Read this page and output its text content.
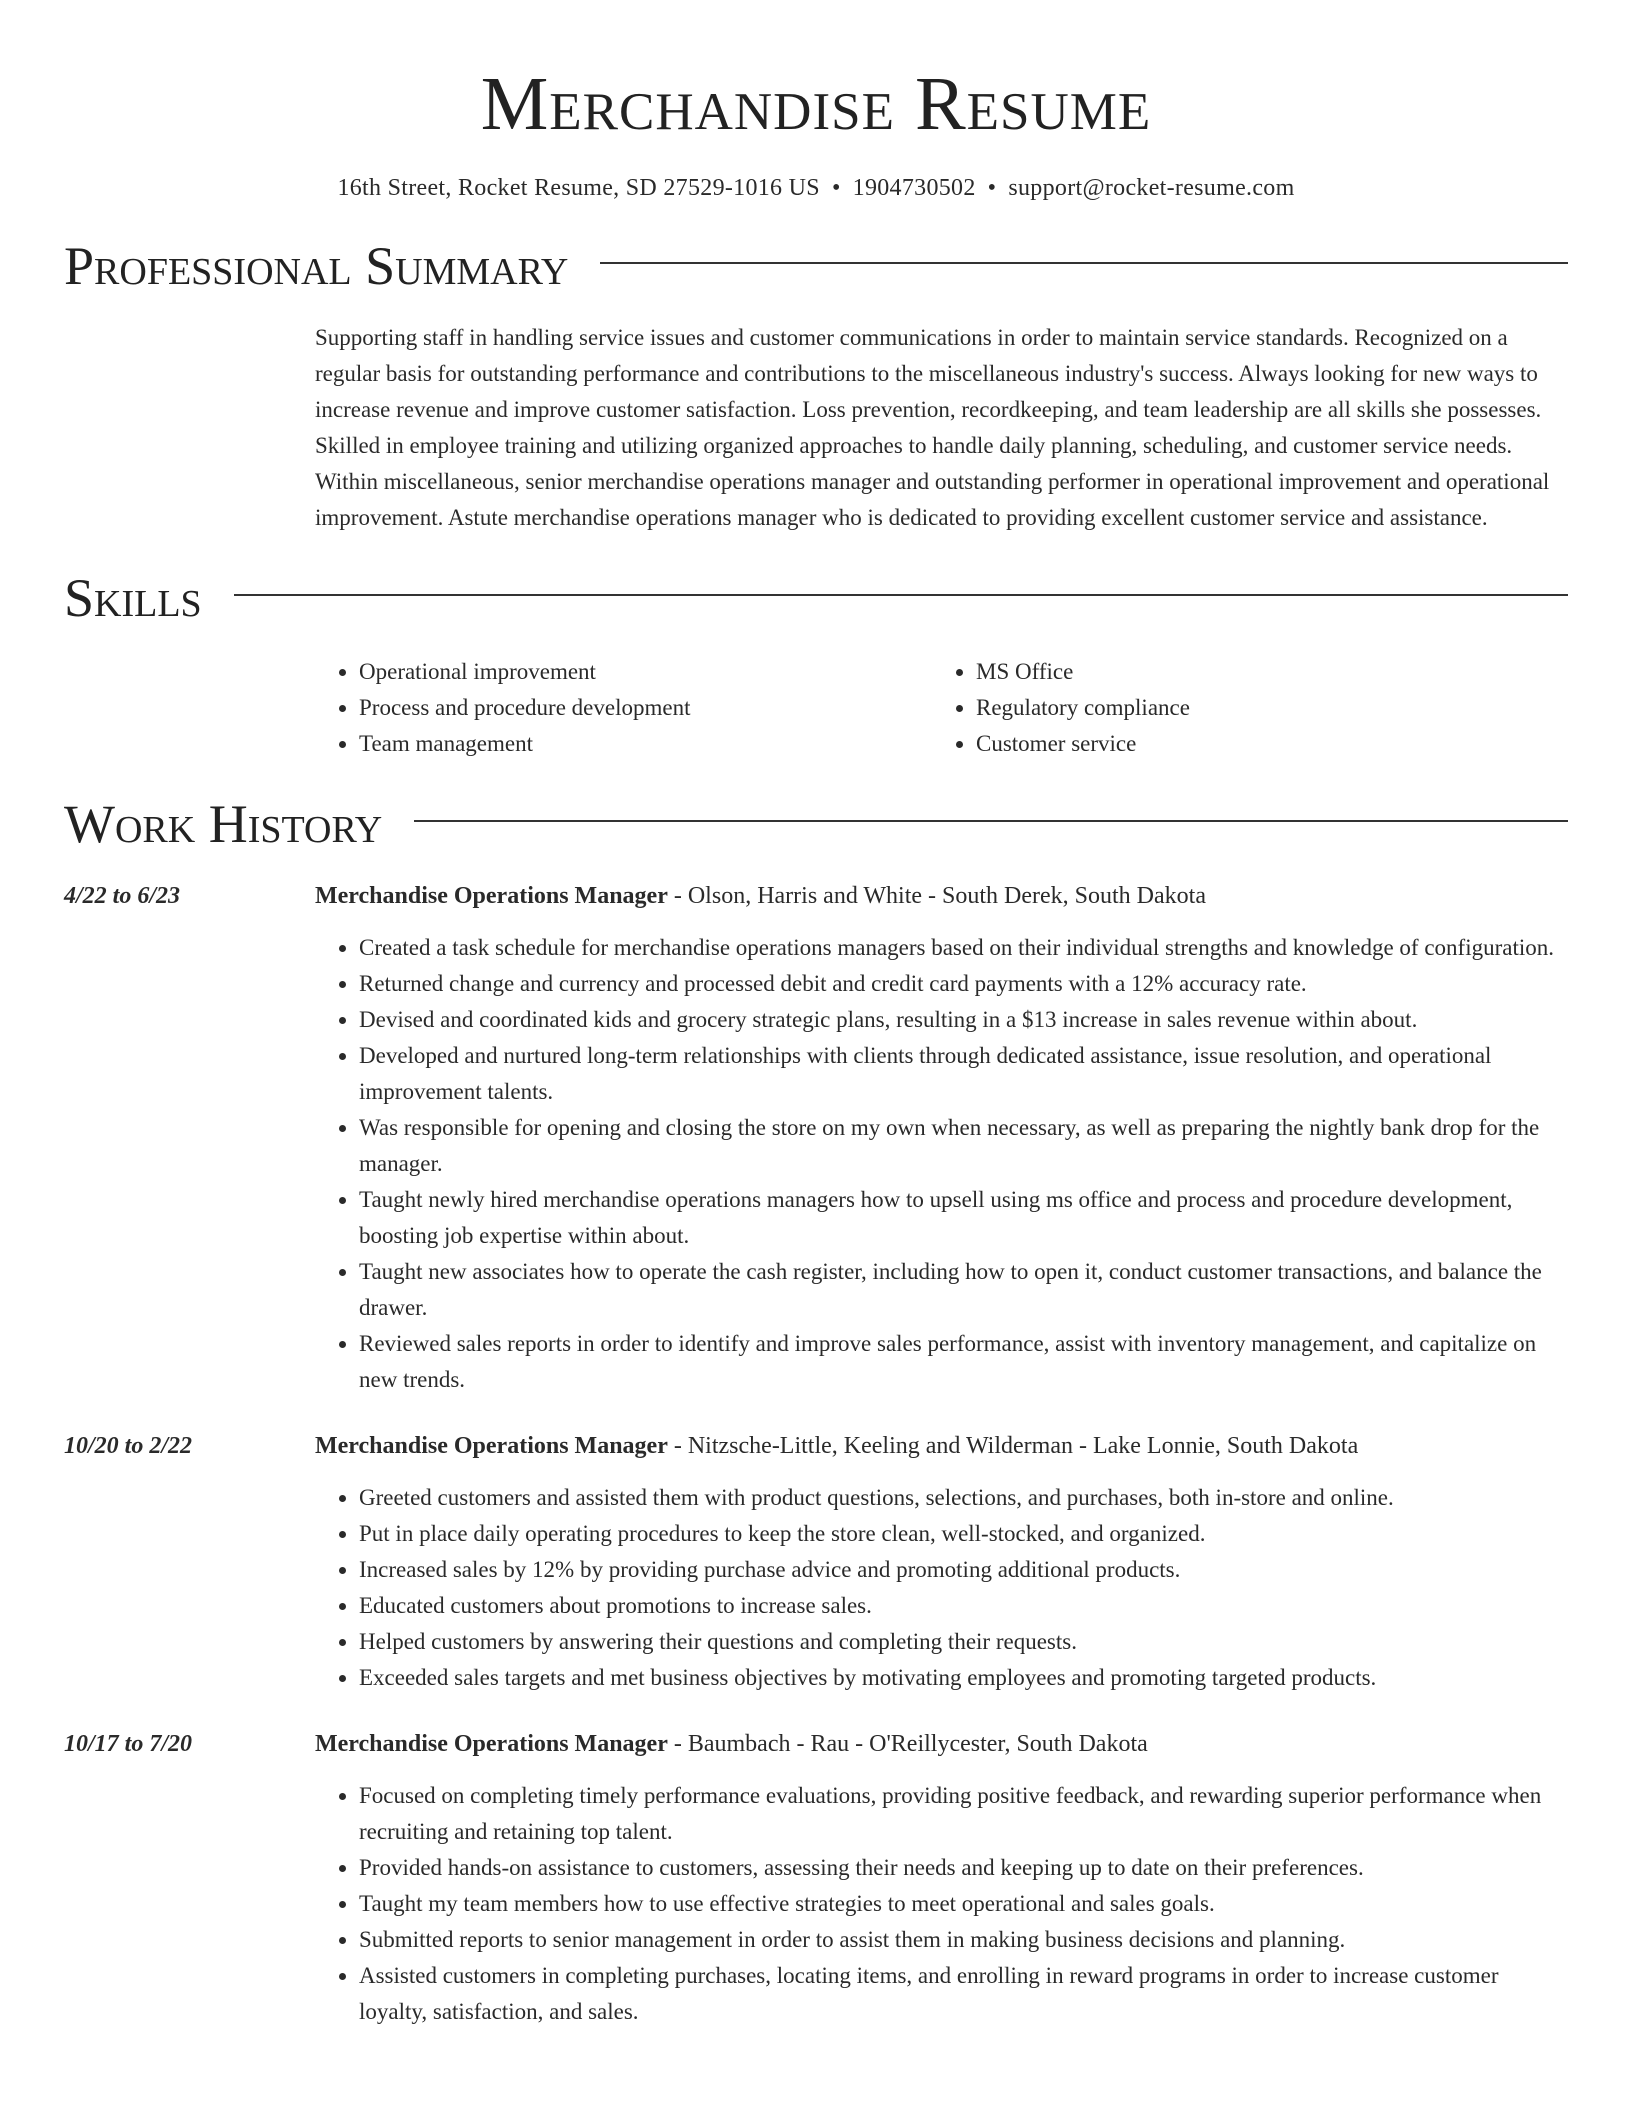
Merchandise Resume
16th Street, Rocket Resume, SD 27529-1016 US • 1904730502 • support@rocket-resume.com
Professional Summary
Supporting staff in handling service issues and customer communications in order to maintain service standards. Recognized on a regular basis for outstanding performance and contributions to the miscellaneous industry's success. Always looking for new ways to increase revenue and improve customer satisfaction. Loss prevention, recordkeeping, and team leadership are all skills she possesses. Skilled in employee training and utilizing organized approaches to handle daily planning, scheduling, and customer service needs. Within miscellaneous, senior merchandise operations manager and outstanding performer in operational improvement and operational improvement. Astute merchandise operations manager who is dedicated to providing excellent customer service and assistance.
Skills
• Operational improvement
• Process and procedure development
• Team management
• MS Office
• Regulatory compliance
• Customer service
Work History
4/22 to 6/23	Merchandise Operations Manager - Olson, Harris and White - South Derek, South Dakota
• Created a task schedule for merchandise operations managers based on their individual strengths and knowledge of configuration.
• Returned change and currency and processed debit and credit card payments with a 12% accuracy rate.
• Devised and coordinated kids and grocery strategic plans, resulting in a $13 increase in sales revenue within about.
• Developed and nurtured long-term relationships with clients through dedicated assistance, issue resolution, and operational improvement talents.
• Was responsible for opening and closing the store on my own when necessary, as well as preparing the nightly bank drop for the manager.
• Taught newly hired merchandise operations managers how to upsell using ms office and process and procedure development, boosting job expertise within about.
• Taught new associates how to operate the cash register, including how to open it, conduct customer transactions, and balance the drawer.
• Reviewed sales reports in order to identify and improve sales performance, assist with inventory management, and capitalize on new trends.
10/20 to 2/22	Merchandise Operations Manager - Nitzsche-Little, Keeling and Wilderman - Lake Lonnie, South Dakota
• Greeted customers and assisted them with product questions, selections, and purchases, both in-store and online.
• Put in place daily operating procedures to keep the store clean, well-stocked, and organized.
• Increased sales by 12% by providing purchase advice and promoting additional products.
• Educated customers about promotions to increase sales.
• Helped customers by answering their questions and completing their requests.
• Exceeded sales targets and met business objectives by motivating employees and promoting targeted products.
10/17 to 7/20	Merchandise Operations Manager - Baumbach - Rau - O'Reillycester, South Dakota
• Focused on completing timely performance evaluations, providing positive feedback, and rewarding superior performance when recruiting and retaining top talent.
• Provided hands-on assistance to customers, assessing their needs and keeping up to date on their preferences.
• Taught my team members how to use effective strategies to meet operational and sales goals.
• Submitted reports to senior management in order to assist them in making business decisions and planning.
• Assisted customers in completing purchases, locating items, and enrolling in reward programs in order to increase customer loyalty, satisfaction, and sales.
